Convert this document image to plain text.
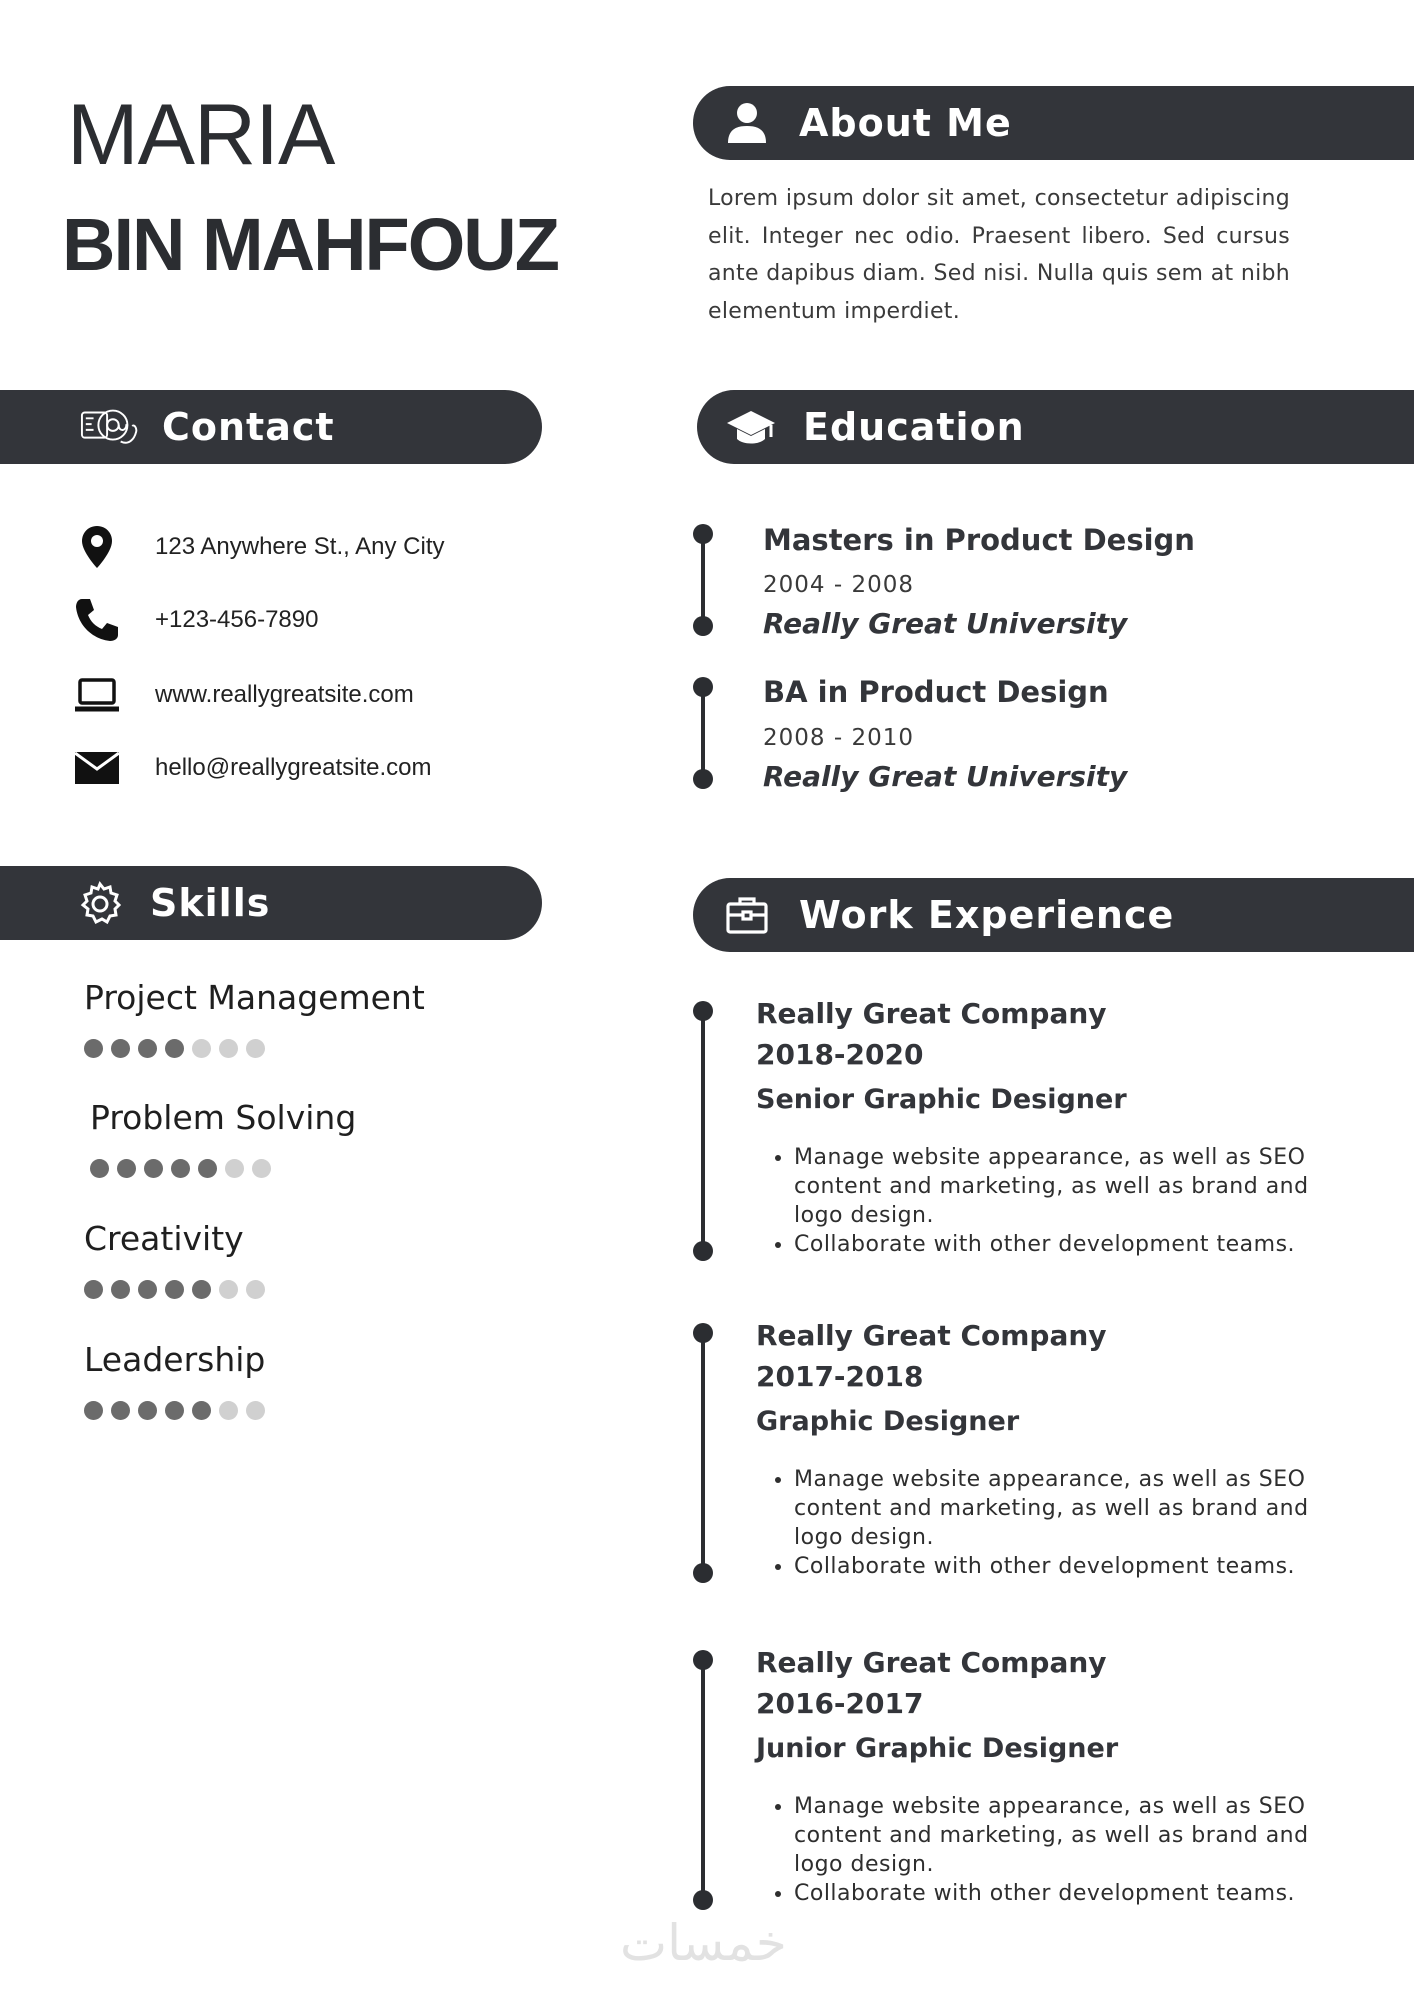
MARIA
BIN MAHFOUZ
About Me
Lorem ipsum dolor sit amet, consectetur adipiscing elit. Integer nec odio. Praesent libero. Sed cursus ante dapibus diam. Sed nisi. Nulla quis sem at nibh elementum imperdiet.
Contact
123 Anywhere St., Any City
+123-456-7890
www.reallygreatsite.com
hello@reallygreatsite.com
Skills
Project Management
Problem Solving
Creativity
Leadership
Education
Masters in Product Design
2004 - 2008
Really Great University
BA in Product Design
2008 - 2010
Really Great University
Work Experience
Really Great Company
2018-2020
Senior Graphic Designer
• Manage website appearance, as well as SEO content and marketing, as well as brand and logo design.
• Collaborate with other development teams.
Really Great Company
2017-2018
Graphic Designer
• Manage website appearance, as well as SEO content and marketing, as well as brand and logo design.
• Collaborate with other development teams.
Really Great Company
2016-2017
Junior Graphic Designer
• Manage website appearance, as well as SEO content and marketing, as well as brand and logo design.
• Collaborate with other development teams.
خمسات
